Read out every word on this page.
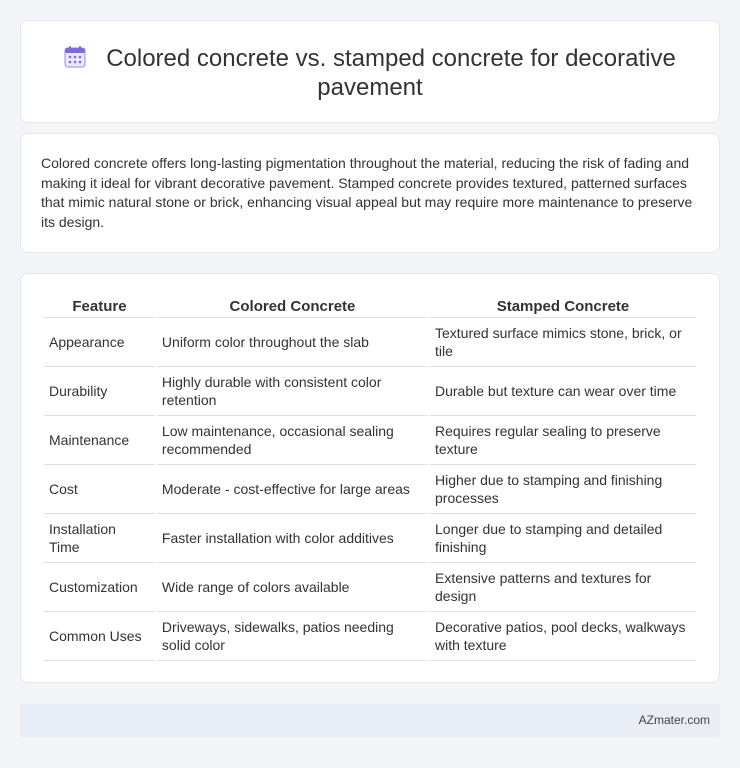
Colored concrete vs. stamped concrete for decorative pavement

Colored concrete offers long-lasting pigmentation throughout the material, reducing the risk of fading and making it ideal for vibrant decorative pavement. Stamped concrete provides textured, patterned surfaces that mimic natural stone or brick, enhancing visual appeal but may require more maintenance to preserve its design.

Feature	Colored Concrete	Stamped Concrete
Appearance	Uniform color throughout the slab	Textured surface mimics stone, brick, or tile
Durability	Highly durable with consistent color retention	Durable but texture can wear over time
Maintenance	Low maintenance, occasional sealing recommended	Requires regular sealing to preserve texture
Cost	Moderate - cost-effective for large areas	Higher due to stamping and finishing processes
Installation Time	Faster installation with color additives	Longer due to stamping and detailed finishing
Customization	Wide range of colors available	Extensive patterns and textures for design
Common Uses	Driveways, sidewalks, patios needing solid color	Decorative patios, pool decks, walkways with texture
AZmater.com
